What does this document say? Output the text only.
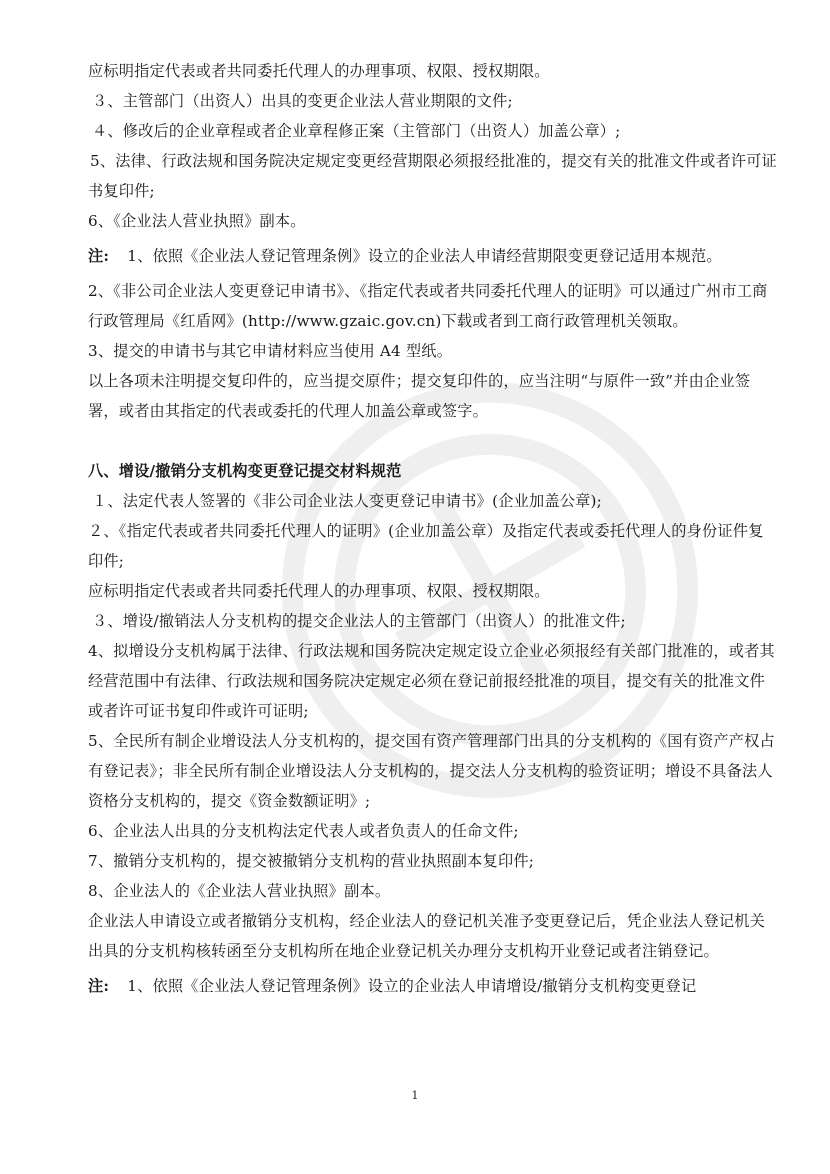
应标明指定代表或者共同委托代理人的办理事项、权限、授权期限。

３、主管部门（出资人）出具的变更企业法人营业期限的文件;

４、修改后的企业章程或者企业章程修正案（主管部门（出资人）加盖公章）;

5、法律、行政法规和国务院决定规定变更经营期限必须报经批准的，提交有关的批准文件或者许可证书复印件;

6、《企业法人营业执照》副本。

注: 1、依照《企业法人登记管理条例》设立的企业法人申请经营期限变更登记适用本规范。

2、《非公司企业法人变更登记申请书》、《指定代表或者共同委托代理人的证明》可以通过广州市工商行政管理局《红盾网》(http://www.gzaic.gov.cn)下载或者到工商行政管理机关领取。

3、提交的申请书与其它申请材料应当使用 A4 型纸。

以上各项未注明提交复印件的，应当提交原件；提交复印件的，应当注明“与原件一致”并由企业签署，或者由其指定的代表或委托的代理人加盖公章或签字。

八、增设/撤销分支机构变更登记提交材料规范

１、法定代表人签署的《非公司企业法人变更登记申请书》(企业加盖公章);

２、《指定代表或者共同委托代理人的证明》(企业加盖公章）及指定代表或委托代理人的身份证件复印件;

应标明指定代表或者共同委托代理人的办理事项、权限、授权期限。

３、增设/撤销法人分支机构的提交企业法人的主管部门（出资人）的批准文件;

4、拟增设分支机构属于法律、行政法规和国务院决定规定设立企业必须报经有关部门批准的，或者其经营范围中有法律、行政法规和国务院决定规定必须在登记前报经批准的项目，提交有关的批准文件或者许可证书复印件或许可证明;

5、全民所有制企业增设法人分支机构的，提交国有资产管理部门出具的分支机构的《国有资产产权占有登记表》；非全民所有制企业增设法人分支机构的，提交法人分支机构的验资证明；增设不具备法人资格分支机构的，提交《资金数额证明》;

6、企业法人出具的分支机构法定代表人或者负责人的任命文件;

7、撤销分支机构的，提交被撤销分支机构的营业执照副本复印件;

8、企业法人的《企业法人营业执照》副本。

企业法人申请设立或者撤销分支机构，经企业法人的登记机关准予变更登记后，凭企业法人登记机关出具的分支机构核转函至分支机构所在地企业登记机关办理分支机构开业登记或者注销登记。

注: 1、依照《企业法人登记管理条例》设立的企业法人申请增设/撤销分支机构变更登记

1
